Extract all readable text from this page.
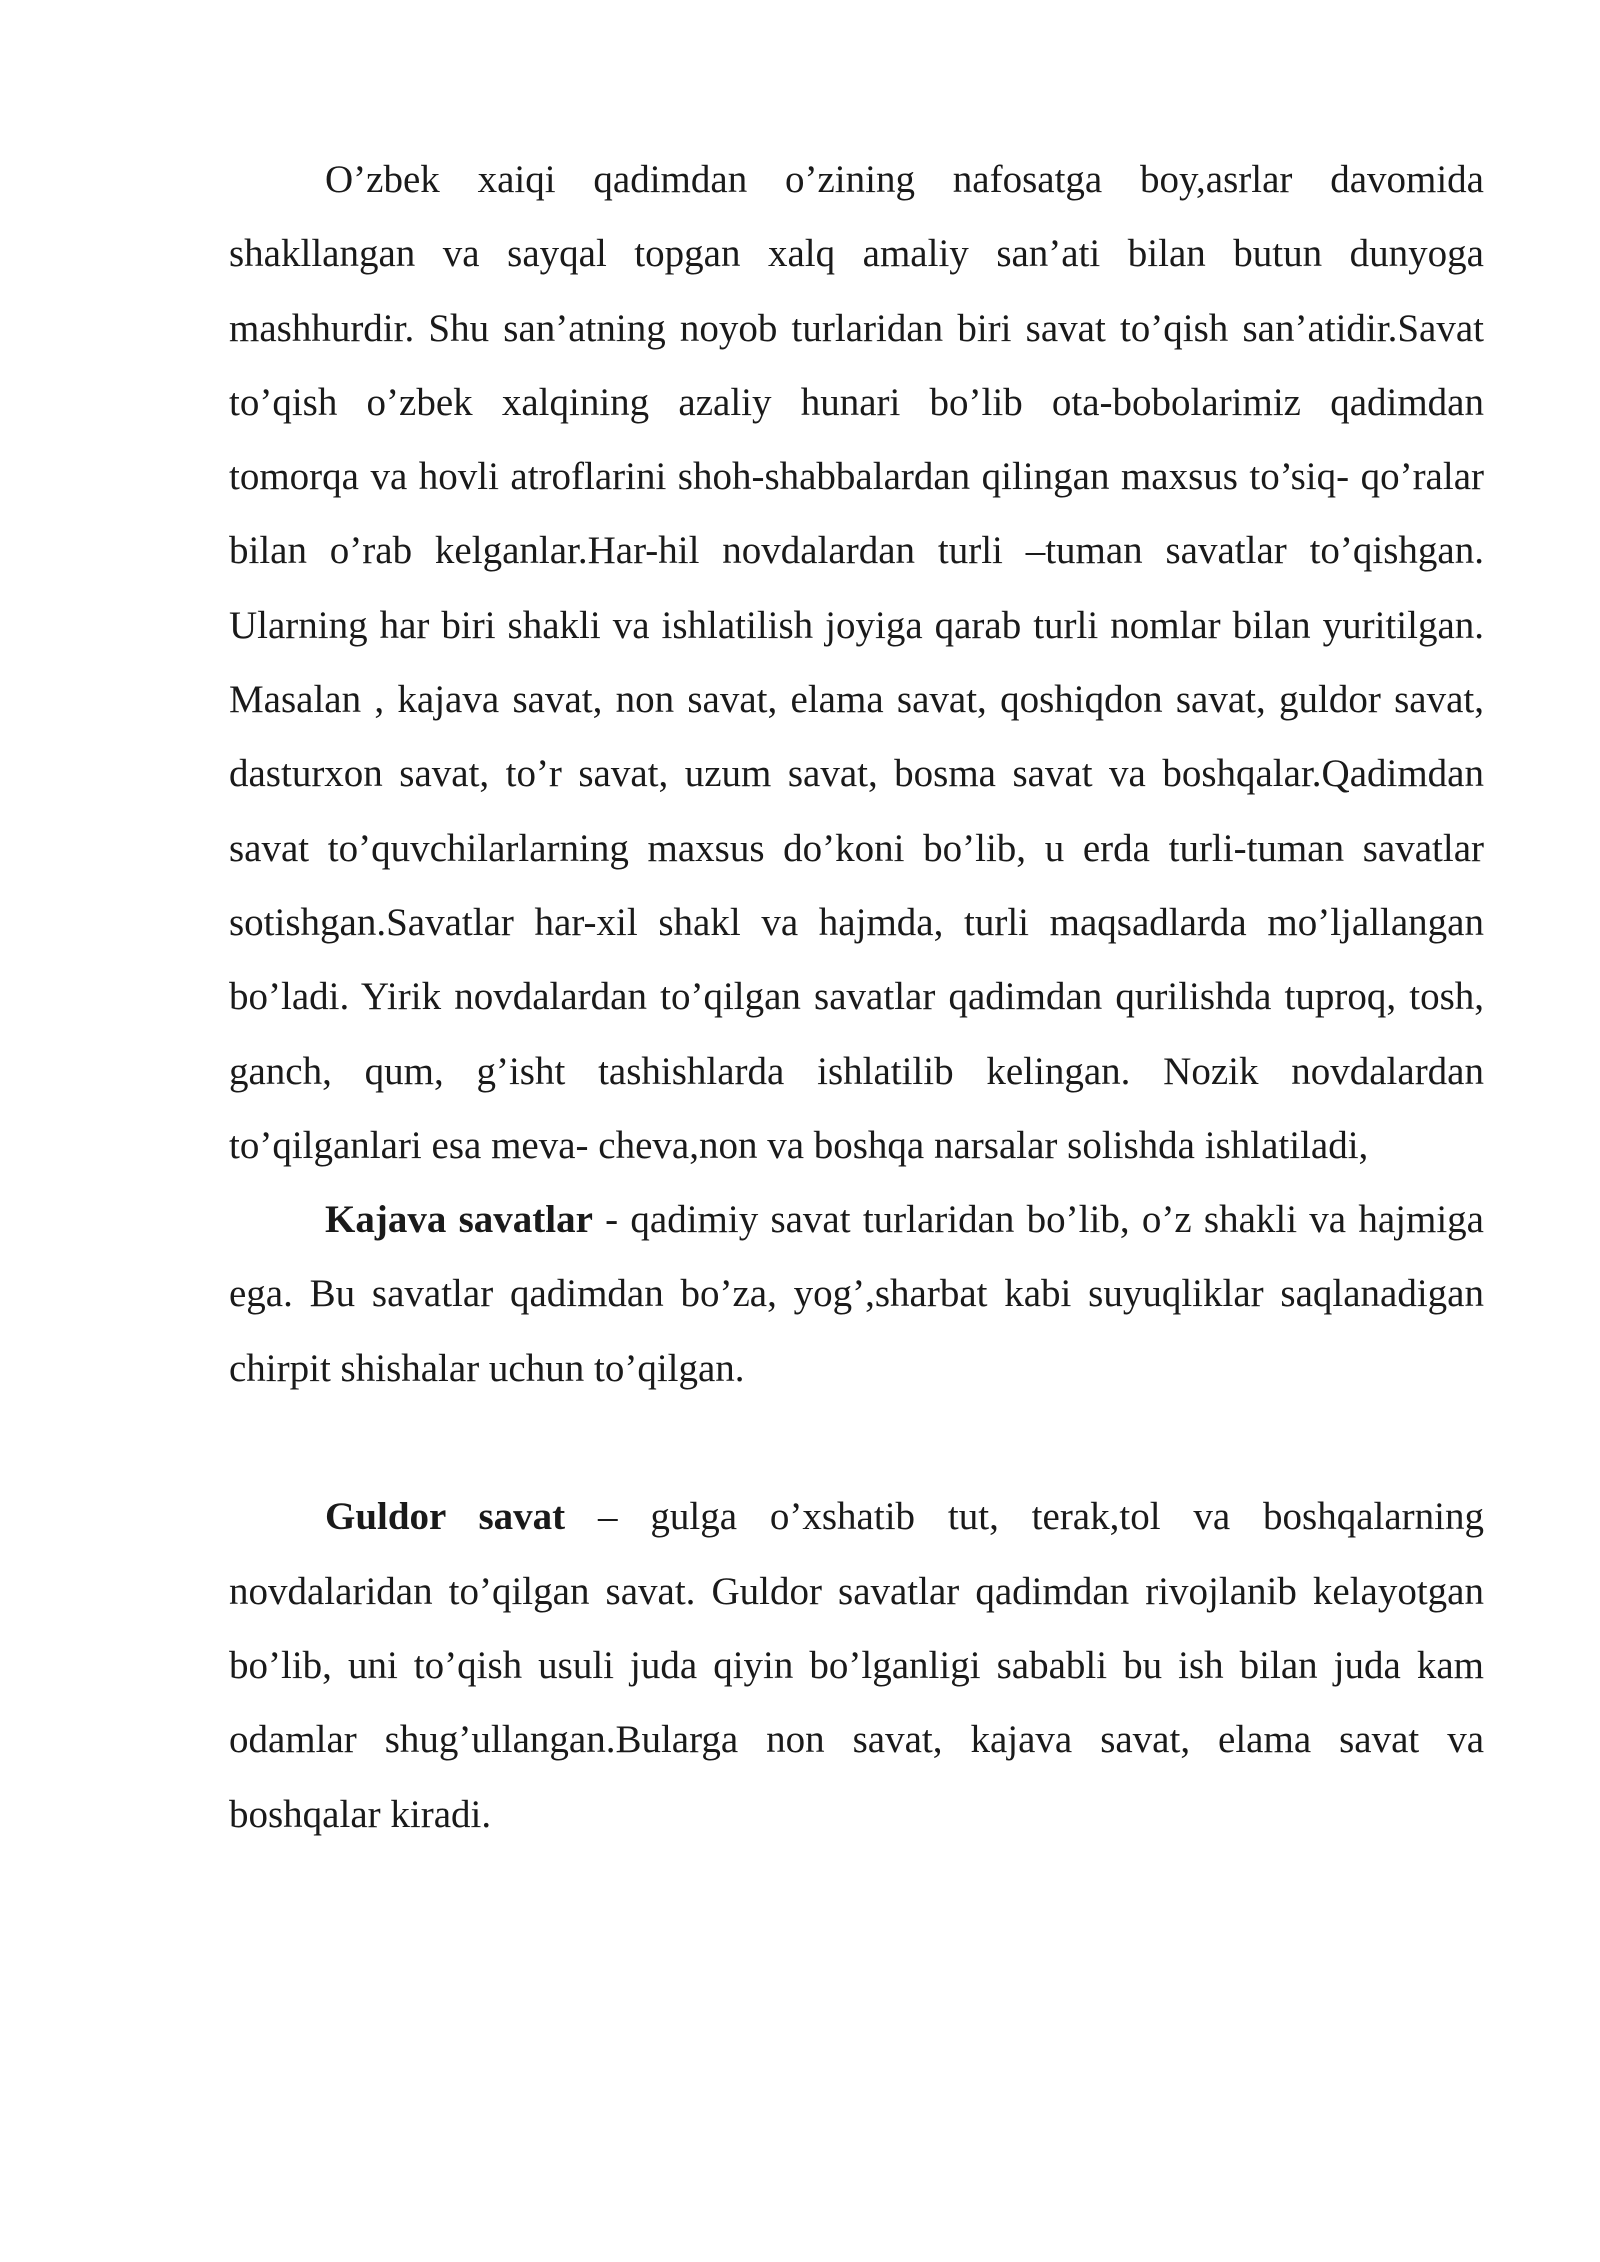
O’zbek xaiqi qadimdan o’zining nafosatga boy,asrlar davomida shakllangan va sayqal topgan xalq amaliy san’ati bilan butun dunyoga mashhurdir. Shu san’atning noyob turlaridan biri savat to’qish san’atidir.Savat to’qish o’zbek xalqining azaliy hunari bo’lib ota-bobolarimiz qadimdan tomorqa va hovli atroflarini shoh-shabbalardan qilingan maxsus to’siq- qo’ralar bilan o’rab kelganlar.Har-hil novdalardan turli –tuman savatlar to’qishgan. Ularning har biri shakli va ishlatilish joyiga qarab turli nomlar bilan yuritilgan. Masalan , kajava savat, non savat, elama savat, qoshiqdon savat, guldor savat, dasturxon savat, to’r savat, uzum savat, bosma savat va boshqalar.Qadimdan savat to’quvchilarlarning maxsus do’koni bo’lib, u erda turli-tuman savatlar sotishgan.Savatlar har-xil shakl va hajmda, turli maqsadlarda mo’ljallangan bo’ladi. Yirik novdalardan to’qilgan savatlar qadimdan qurilishda tuproq, tosh, ganch, qum, g’isht tashishlarda ishlatilib kelingan. Nozik novdalardan to’qilganlari esa meva- cheva,non va boshqa narsalar solishda ishlatiladi,

Kajava savatlar - qadimiy savat turlaridan bo’lib, o’z shakli va hajmiga ega. Bu savatlar qadimdan bo’za, yog’,sharbat kabi suyuqliklar saqlanadigan chirpit shishalar uchun to’qilgan.

Guldor savat – gulga o’xshatib tut, terak,tol va boshqalarning novdalaridan to’qilgan savat. Guldor savatlar qadimdan rivojlanib kelayotgan bo’lib, uni to’qish usuli juda qiyin bo’lganligi sababli bu ish bilan juda kam odamlar shug’ullangan.Bularga non savat, kajava savat, elama savat va boshqalar kiradi.
